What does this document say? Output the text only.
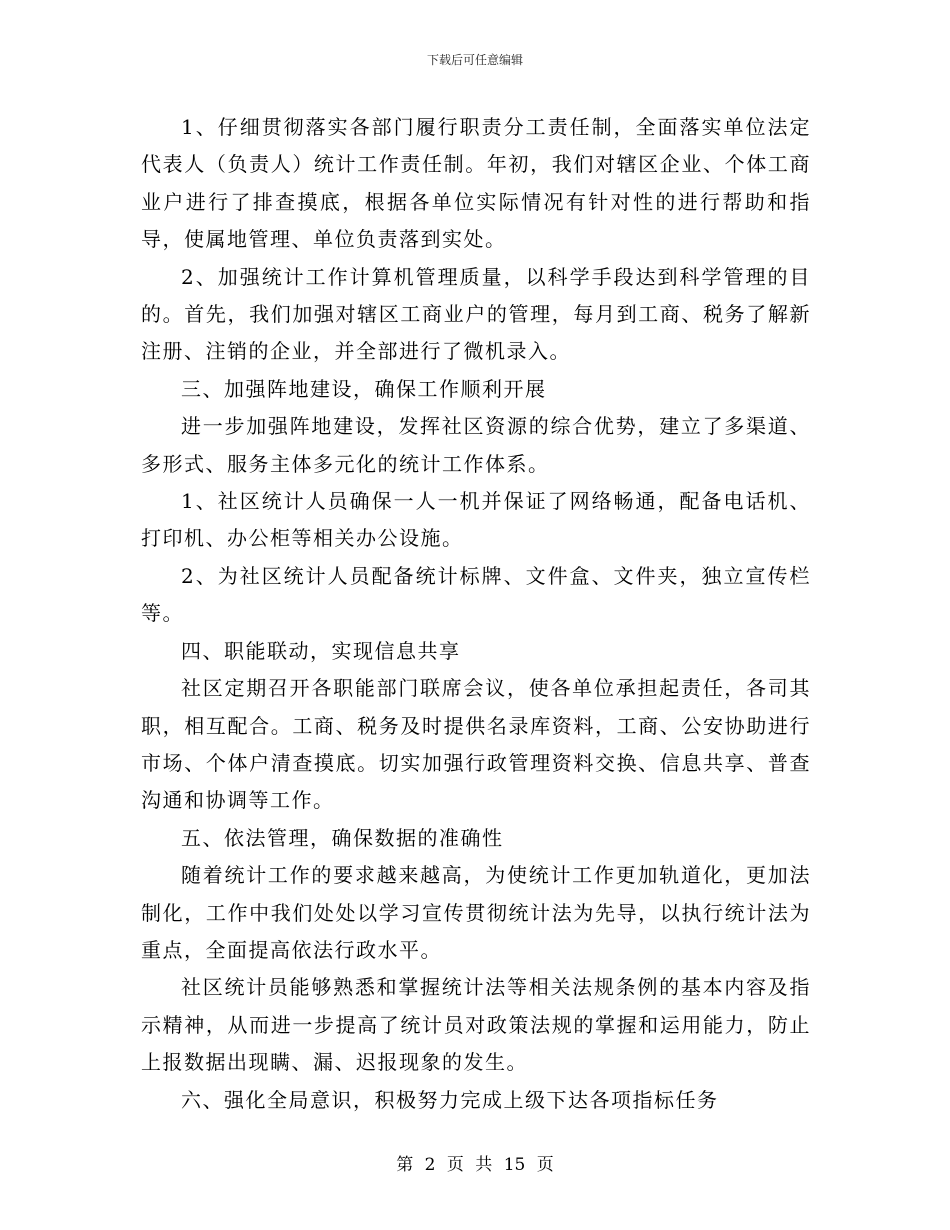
下载后可任意编辑

1、仔细贯彻落实各部门履行职责分工责任制，全面落实单位法定代表人（负责人）统计工作责任制。年初，我们对辖区企业、个体工商业户进行了排查摸底，根据各单位实际情况有针对性的进行帮助和指导，使属地管理、单位负责落到实处。

2、加强统计工作计算机管理质量，以科学手段达到科学管理的目的。首先，我们加强对辖区工商业户的管理，每月到工商、税务了解新注册、注销的企业，并全部进行了微机录入。

三、加强阵地建设，确保工作顺利开展

进一步加强阵地建设，发挥社区资源的综合优势，建立了多渠道、多形式、服务主体多元化的统计工作体系。

1、社区统计人员确保一人一机并保证了网络畅通，配备电话机、打印机、办公柜等相关办公设施。

2、为社区统计人员配备统计标牌、文件盒、文件夹，独立宣传栏等。

四、职能联动，实现信息共享

社区定期召开各职能部门联席会议，使各单位承担起责任，各司其职，相互配合。工商、税务及时提供名录库资料，工商、公安协助进行市场、个体户清查摸底。切实加强行政管理资料交换、信息共享、普查沟通和协调等工作。

五、依法管理，确保数据的准确性

随着统计工作的要求越来越高，为使统计工作更加轨道化，更加法制化，工作中我们处处以学习宣传贯彻统计法为先导，以执行统计法为重点，全面提高依法行政水平。

社区统计员能够熟悉和掌握统计法等相关法规条例的基本内容及指示精神，从而进一步提高了统计员对政策法规的掌握和运用能力，防止上报数据出现瞒、漏、迟报现象的发生。

六、强化全局意识，积极努力完成上级下达各项指标任务

第 2 页 共 15 页
